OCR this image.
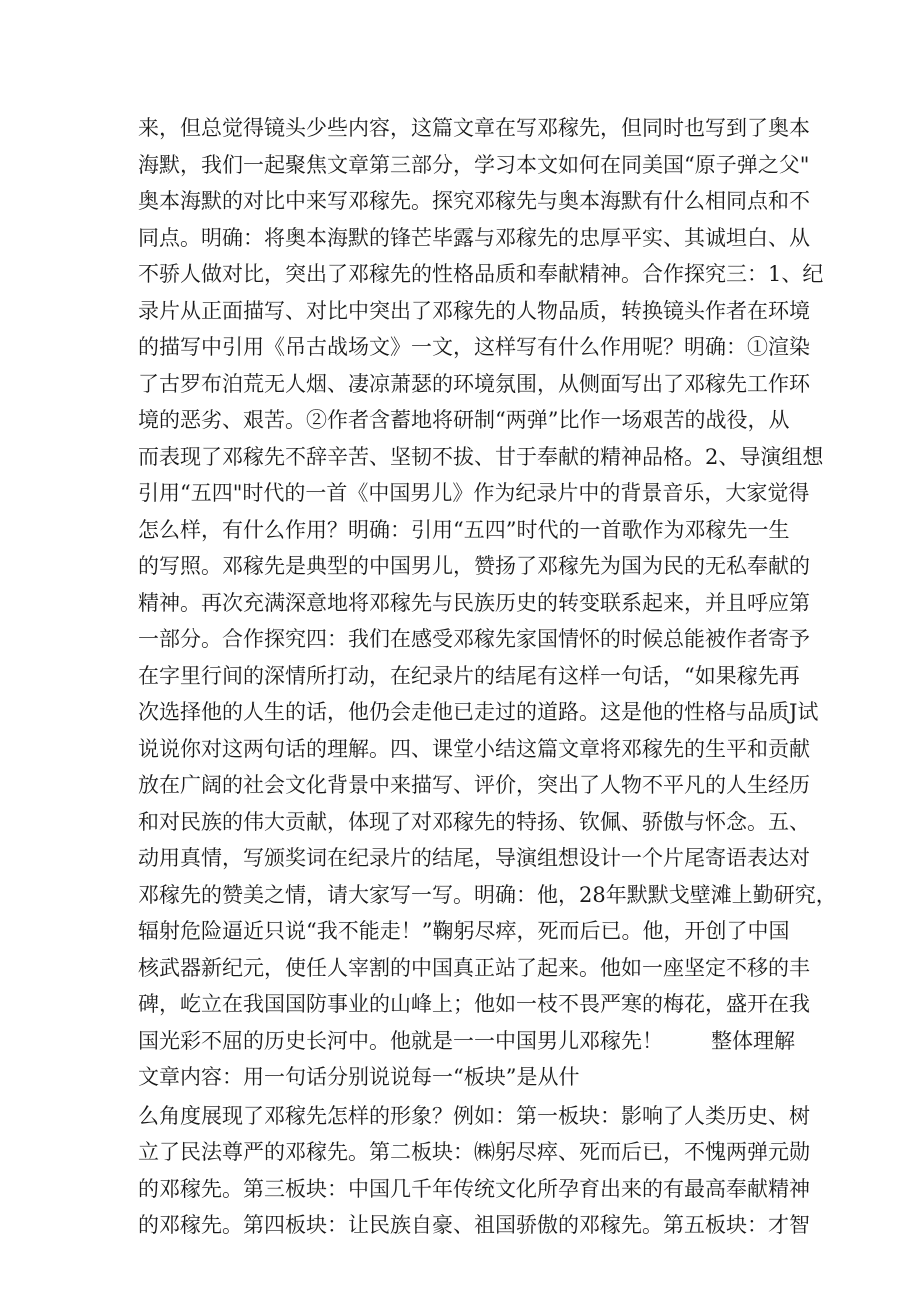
来，但总觉得镜头少些内容，这篇文章在写邓稼先，但同时也写到了奥本
海默，我们一起聚焦文章第三部分，学习本文如何在同美国“原子弹之父"
奥本海默的对比中来写邓稼先。探究邓稼先与奥本海默有什么相同点和不
同点。明确：将奥本海默的锋芒毕露与邓稼先的忠厚平实、其诚坦白、从
不骄人做对比，突出了邓稼先的性格品质和奉献精神。合作探究三：1、纪
录片从正面描写、对比中突出了邓稼先的人物品质，转换镜头作者在环境
的描写中引用《吊古战场文》一文，这样写有什么作用呢？明确：①渲染
了古罗布泊荒无人烟、凄凉萧瑟的环境氛围，从侧面写出了邓稼先工作环
境的恶劣、艰苦。②作者含蓄地将研制“两弹”比作一场艰苦的战役，从
而表现了邓稼先不辞辛苦、坚韧不拔、甘于奉献的精神品格。2、导演组想
引用“五四"时代的一首《中国男儿》作为纪录片中的背景音乐，大家觉得
怎么样，有什么作用？明确：引用“五四”时代的一首歌作为邓稼先一生
的写照。邓稼先是典型的中国男儿，赞扬了邓稼先为国为民的无私奉献的
精神。再次充满深意地将邓稼先与民族历史的转变联系起来，并且呼应第
一部分。合作探究四：我们在感受邓稼先家国情怀的时候总能被作者寄予
在字里行间的深情所打动，在纪录片的结尾有这样一句话，“如果稼先再
次选择他的人生的话，他仍会走他已走过的道路。这是他的性格与品质J试
说说你对这两句话的理解。四、课堂小结这篇文章将邓稼先的生平和贡献
放在广阔的社会文化背景中来描写、评价，突出了人物不平凡的人生经历
和对民族的伟大贡献，体现了对邓稼先的特扬、钦佩、骄傲与怀念。五、
动用真情，写颁奖词在纪录片的结尾，导演组想设计一个片尾寄语表达对
邓稼先的赞美之情，请大家写一写。明确：他，28年默默戈壁滩上勤研究，
辐射危险逼近只说“我不能走！”鞠躬尽瘁，死而后已。他，开创了中国
核武器新纪元，使任人宰割的中国真正站了起来。他如一座坚定不移的丰
碑，屹立在我国国防事业的山峰上；他如一枝不畏严寒的梅花，盛开在我
国光彩不屈的历史长河中。他就是一一中国男儿邓稼先！ 整体理解
文章内容：用一句话分别说说每一“板块”是从什
么角度展现了邓稼先怎样的形象？例如：第一板块：影响了人类历史、树
立了民法尊严的邓稼先。第二板块：㈱躬尽瘁、死而后已，不愧两弹元勋
的邓稼先。第三板块：中国几千年传统文化所孕育出来的有最高奉献精神
的邓稼先。第四板块：让民族自豪、祖国骄傲的邓稼先。第五板块：才智
